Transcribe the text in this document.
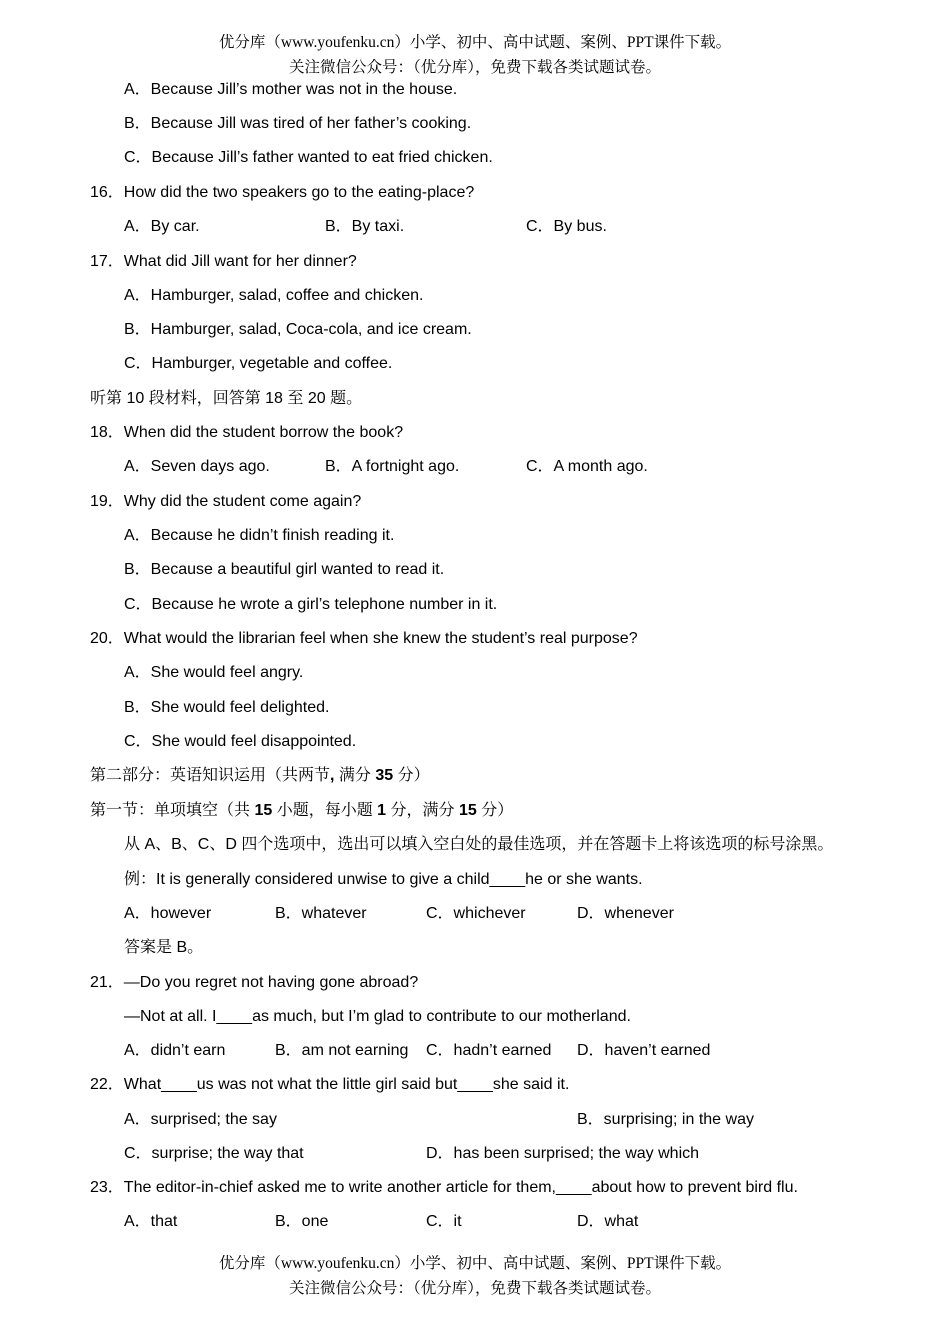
优分库（www.youfenku.cn）小学、初中、高中试题、案例、PPT课件下载。
关注微信公众号：（优分库），免费下载各类试题试卷。
A．Because Jill’s mother was not in the house.
B．Because Jill was tired of her father’s cooking.
C．Because Jill’s father wanted to eat fried chicken.
16．How did the two speakers go to the eating-place?
A．By car.	B．By taxi.	C．By bus.
17．What did Jill want for her dinner?
A．Hamburger, salad, coffee and chicken.
B．Hamburger, salad, Coca-cola, and ice cream.
C．Hamburger, vegetable and coffee.
听第 10 段材料，回答第 18 至 20 题。
18．When did the student borrow the book?
A．Seven days ago.	B．A fortnight ago.	C．A month ago.
19．Why did the student come again?
A．Because he didn’t finish reading it.
B．Because a beautiful girl wanted to read it.
C．Because he wrote a girl’s telephone number in it.
20．What would the librarian feel when she knew the student’s real purpose?
A．She would feel angry.
B．She would feel delighted.
C．She would feel disappointed.
第二部分：英语知识运用（共两节, 满分 35 分）
第一节：单项填空（共 15 小题，每小题 1 分，满分 15 分）
从 A、B、C、D 四个选项中，选出可以填入空白处的最佳选项，并在答题卡上将该选项的标号涂黑。
例：It is generally considered unwise to give a child____he or she wants.
A．however	B．whatever	C．whichever	D．whenever
答案是 B。
21．—Do you regret not having gone abroad?
—Not at all. I____as much, but I’m glad to contribute to our motherland.
A．didn’t earn	B．am not earning C．hadn’t earned D．haven’t earned
22．What____us was not what the little girl said but____she said it.
A．surprised; the say	B．surprising; in the way
C．surprise; the way that	D．has been surprised; the way which
23．The editor-in-chief asked me to write another article for them,____about how to prevent bird flu.
A．that	B．one	C．it	D．what
优分库（www.youfenku.cn）小学、初中、高中试题、案例、PPT课件下载。
关注微信公众号：（优分库），免费下载各类试题试卷。
